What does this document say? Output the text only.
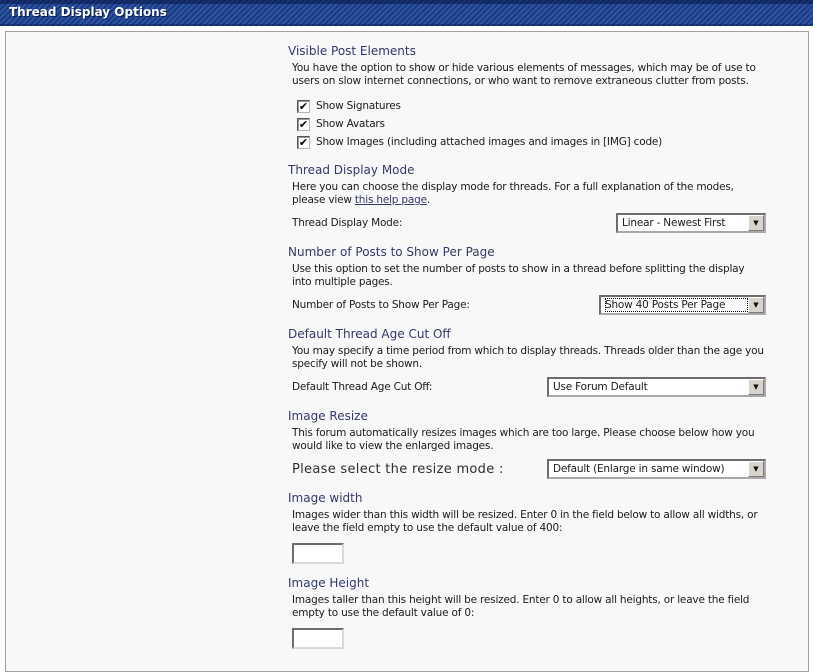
Thread Display Options
Visible Post Elements

You have the option to show or hide various elements of messages, which may be of use to users on slow internet connections, or who want to remove extraneous clutter from posts.

✔ Show Signatures
✔ Show Avatars
✔ Show Images (including attached images and images in [IMG] code)
Thread Display Mode

Here you can choose the display mode for threads. For a full explanation of the modes, please view this help page.

Thread Display Mode:	Linear - Newest First	▼
Number of Posts to Show Per Page

Use this option to set the number of posts to show in a thread before splitting the display into multiple pages.

Number of Posts to Show Per Page:	Show 40 Posts Per Page	▼
Default Thread Age Cut Off

You may specify a time period from which to display threads. Threads older than the age you specify will not be shown.

Default Thread Age Cut Off:	Use Forum Default	▼
Image Resize

This forum automatically resizes images which are too large. Please choose below how you would like to view the enlarged images.

Please select the resize mode :	Default (Enlarge in same window)	▼
Image width

Images wider than this width will be resized. Enter 0 in the field below to allow all widths, or leave the field empty to use the default value of 400:

Image Height

Images taller than this height will be resized. Enter 0 to allow all heights, or leave the field empty to use the default value of 0:
